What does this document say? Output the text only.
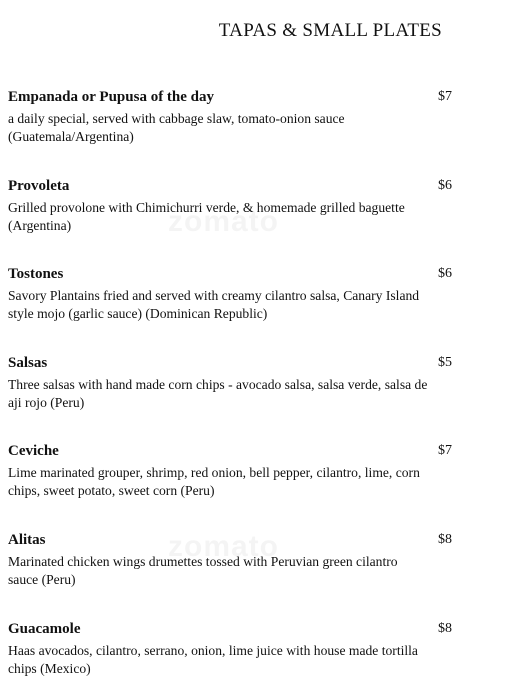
TAPAS & SMALL PLATES
Empanada or Pupusa of the day	$7
a daily special, served with cabbage slaw, tomato-onion sauce (Guatemala/Argentina)
Provoleta	$6
Grilled provolone with Chimichurri verde, & homemade grilled baguette (Argentina)
Tostones	$6
Savory Plantains fried and served with creamy cilantro salsa, Canary Island style mojo (garlic sauce) (Dominican Republic)
Salsas	$5
Three salsas with hand made corn chips - avocado salsa, salsa verde, salsa de aji rojo (Peru)
Ceviche	$7
Lime marinated grouper, shrimp, red onion, bell pepper, cilantro, lime, corn chips, sweet potato, sweet corn (Peru)
Alitas	$8
Marinated chicken wings drumettes tossed with Peruvian green cilantro sauce (Peru)
Guacamole	$8
Haas avocados, cilantro, serrano, onion, lime juice with house made tortilla chips (Mexico)
